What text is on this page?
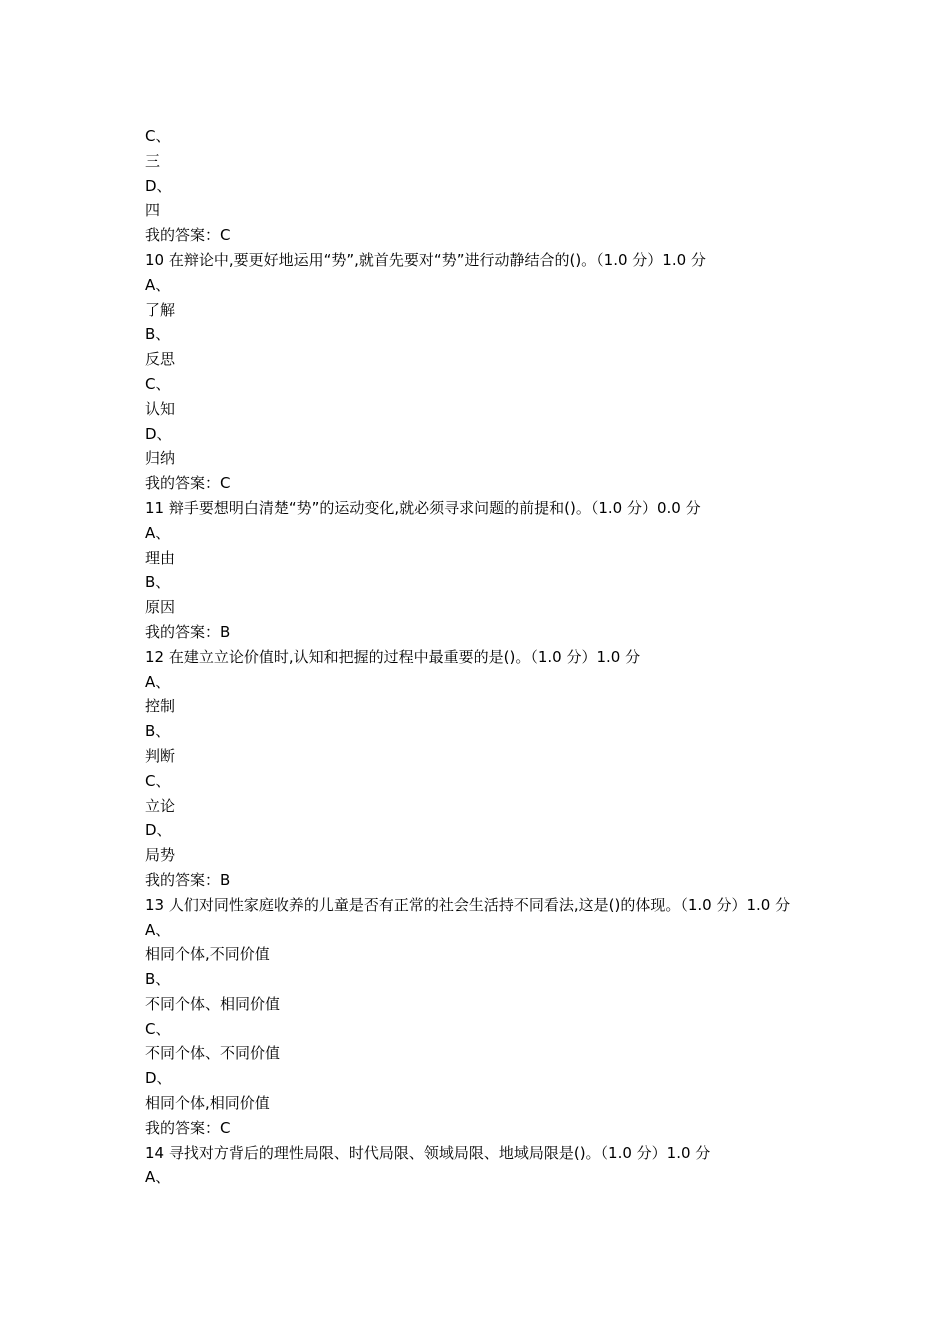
C、

三

D、

四

我的答案：C

10 在辩论中,要更好地运用“势”,就首先要对“势”进行动静结合的()。（1.0 分）1.0 分

A、

了解

B、

反思

C、

认知

D、

归纳

我的答案：C

11 辩手要想明白清楚“势”的运动变化,就必须寻求问题的前提和()。（1.0 分）0.0 分

A、

理由

B、

原因

我的答案：B

12 在建立立论价值时,认知和把握的过程中最重要的是()。（1.0 分）1.0 分

A、

控制

B、

判断

C、

立论

D、

局势

我的答案：B

13 人们对同性家庭收养的儿童是否有正常的社会生活持不同看法,这是()的体现。（1.0 分）1.0 分

A、

相同个体,不同价值

B、

不同个体、相同价值

C、

不同个体、不同价值

D、

相同个体,相同价值

我的答案：C

14 寻找对方背后的理性局限、时代局限、领域局限、地域局限是()。（1.0 分）1.0 分

A、
